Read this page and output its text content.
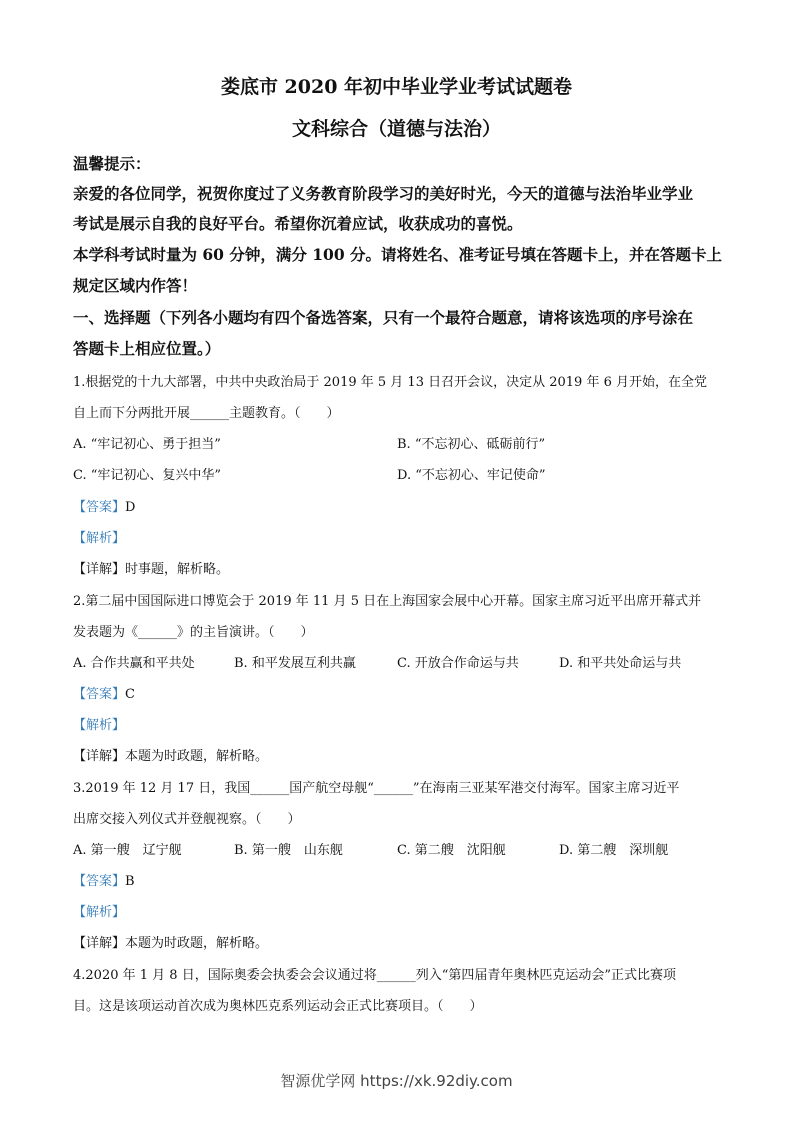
娄底市 2020 年初中毕业学业考试试题卷
文科综合（道德与法治）
温馨提示：
亲爱的各位同学，祝贺你度过了义务教育阶段学习的美好时光，今天的道德与法治毕业学业
考试是展示自我的良好平台。希望你沉着应试，收获成功的喜悦。
本学科考试时量为 60 分钟，满分 100 分。请将姓名、准考证号填在答题卡上，并在答题卡上
规定区域内作答！
一、选择题（下列各小题均有四个备选答案，只有一个最符合题意，请将该选项的序号涂在
答题卡上相应位置。）
1.根据党的十九大部署，中共中央政治局于 2019 年 5 月 13 日召开会议，决定从 2019 年 6 月开始，在全党
自上而下分两批开展______主题教育。（　　）
A. “牢记初心、勇于担当”	B. “不忘初心、砥砺前行”
C. “牢记初心、复兴中华”	D. “不忘初心、牢记使命”
【答案】D
【解析】
【详解】时事题，解析略。
2.第二届中国国际进口博览会于 2019 年 11 月 5 日在上海国家会展中心开幕。国家主席习近平出席开幕式并
发表题为《______》的主旨演讲。（　　）
A. 合作共赢和平共处	B. 和平发展互利共赢	C. 开放合作命运与共	D. 和平共处命运与共
【答案】C
【解析】
【详解】本题为时政题，解析略。
3.2019 年 12 月 17 日，我国______国产航空母舰“______”在海南三亚某军港交付海军。国家主席习近平
出席交接入列仪式并登舰视察。（　　）
A. 第一艘　辽宁舰	B. 第一艘　山东舰	C. 第二艘　沈阳舰	D. 第二艘　深圳舰
【答案】B
【解析】
【详解】本题为时政题，解析略。
4.2020 年 1 月 8 日，国际奥委会执委会会议通过将______列入“第四届青年奥林匹克运动会”正式比赛项
目。这是该项运动首次成为奥林匹克系列运动会正式比赛项目。（　　）
智源优学网 https://xk.92diy.com
